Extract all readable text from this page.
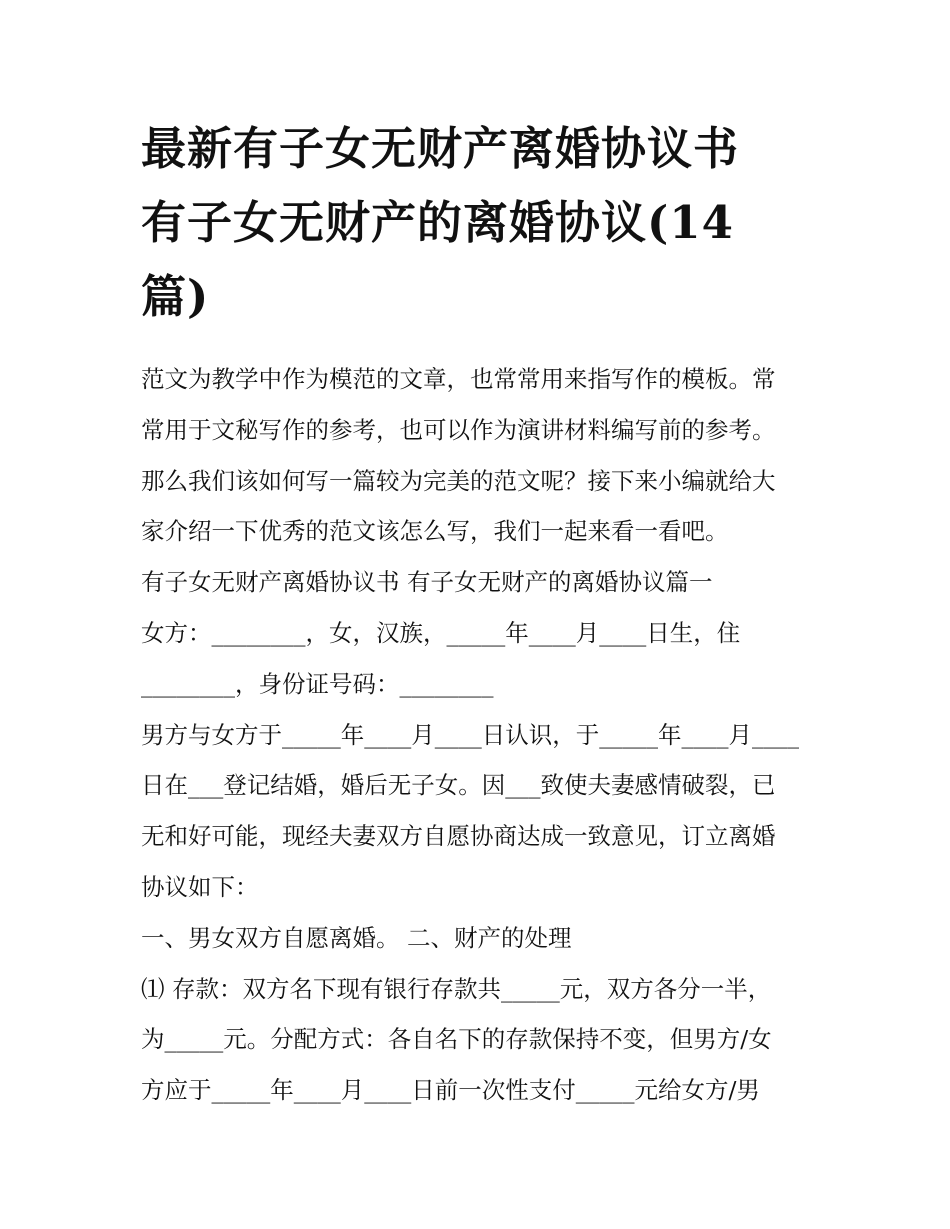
最新有子女无财产离婚协议书
有子女无财产的离婚协议(14
篇)
范文为教学中作为模范的文章，也常常用来指写作的模板。常
常用于文秘写作的参考，也可以作为演讲材料编写前的参考。
那么我们该如何写一篇较为完美的范文呢？接下来小编就给大
家介绍一下优秀的范文该怎么写，我们一起来看一看吧。
有子女无财产离婚协议书 有子女无财产的离婚协议篇一
女方：________，女，汉族，_____年____月____日生，住
________，身份证号码：________
男方与女方于_____年____月____日认识，于_____年____月____
日在___登记结婚，婚后无子女。因___致使夫妻感情破裂，已
无和好可能，现经夫妻双方自愿协商达成一致意见，订立离婚
协议如下：
一、男女双方自愿离婚。 二、财产的处理
⑴ 存款：双方名下现有银行存款共_____元，双方各分一半，
为_____元。分配方式：各自名下的存款保持不变，但男方/女
方应于_____年____月____日前一次性支付_____元给女方/男
